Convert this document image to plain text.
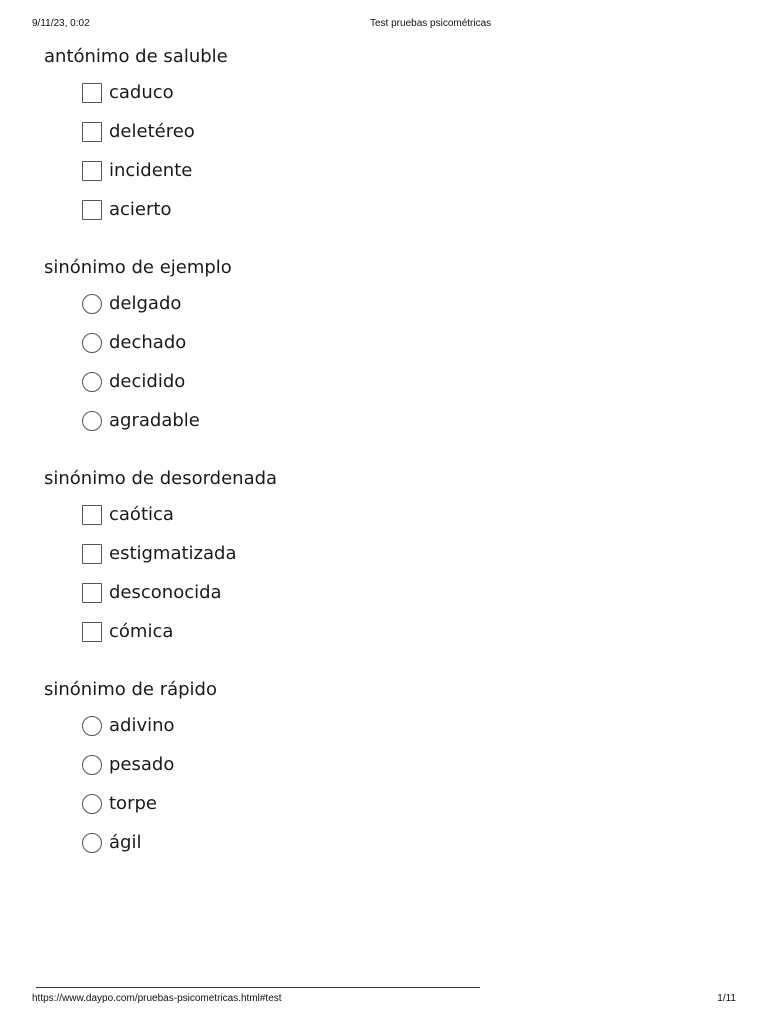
9/11/23, 0:02	Test pruebas psicométricas
antónimo de saluble
caduco
deletéreo
incidente
acierto
sinónimo de ejemplo
delgado
dechado
decidido
agradable
sinónimo de desordenada
caótica
estigmatizada
desconocida
cómica
sinónimo de rápido
adivino
pesado
torpe
ágil
https://www.daypo.com/pruebas-psicometricas.html#test	1/11
